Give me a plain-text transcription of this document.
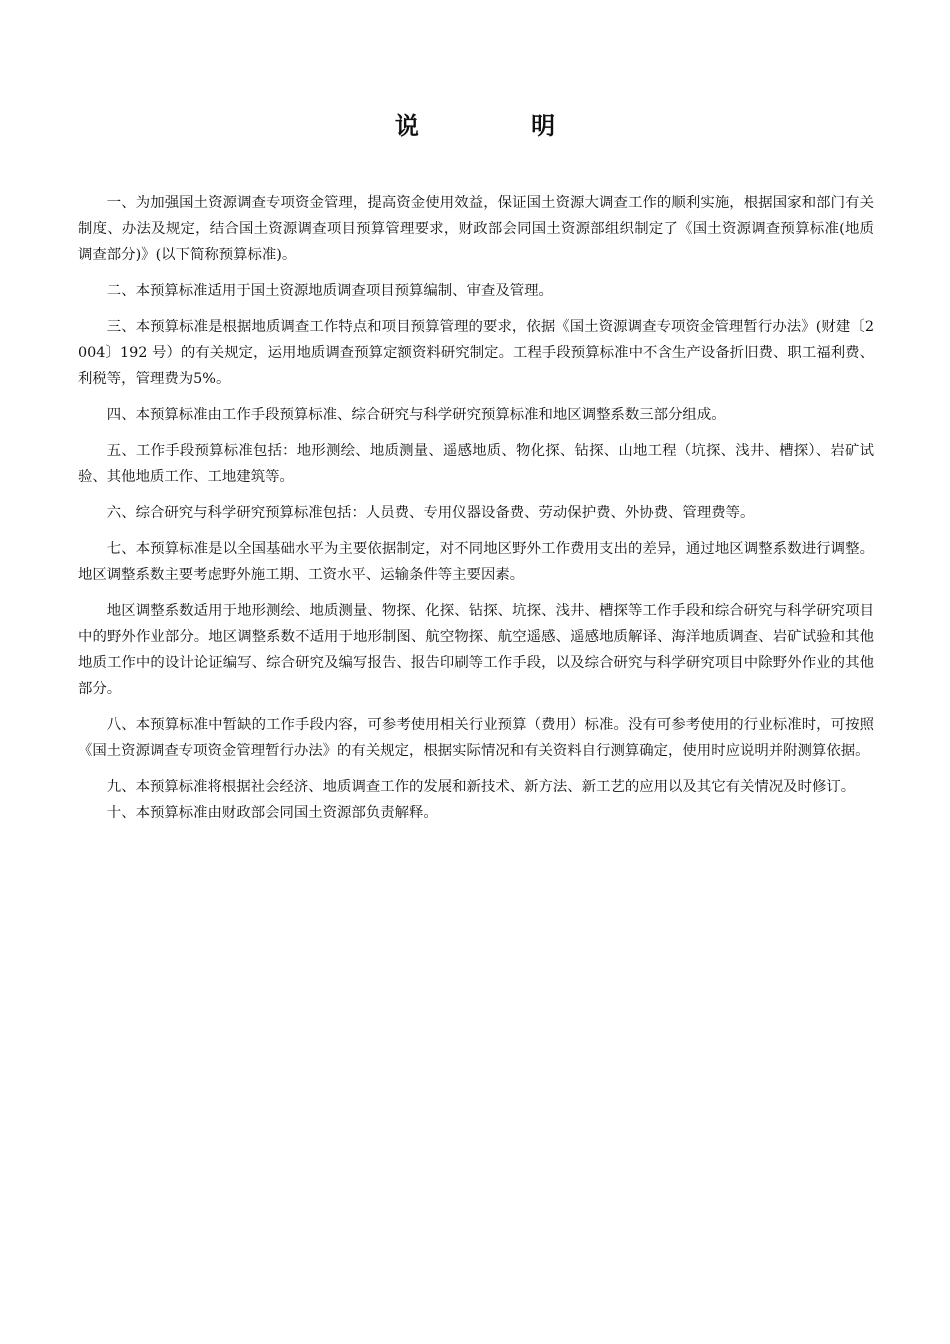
说 明

一、为加强国土资源调查专项资金管理，提高资金使用效益，保证国土资源大调查工作的顺利实施，根据国家和部门有关制度、办法及规定，结合国土资源调查项目预算管理要求，财政部会同国土资源部组织制定了《国土资源调查预算标准(地质调查部分)》(以下简称预算标准)。

二、本预算标准适用于国土资源地质调查项目预算编制、审查及管理。

三、本预算标准是根据地质调查工作特点和项目预算管理的要求，依据《国土资源调查专项资金管理暂行办法》(财建〔2004〕192 号）的有关规定，运用地质调查预算定额资料研究制定。工程手段预算标准中不含生产设备折旧费、职工福利费、利税等，管理费为5%。

四、本预算标准由工作手段预算标准、综合研究与科学研究预算标准和地区调整系数三部分组成。

五、工作手段预算标准包括：地形测绘、地质测量、遥感地质、物化探、钻探、山地工程（坑探、浅井、槽探）、岩矿试验、其他地质工作、工地建筑等。

六、综合研究与科学研究预算标准包括：人员费、专用仪器设备费、劳动保护费、外协费、管理费等。

七、本预算标准是以全国基础水平为主要依据制定，对不同地区野外工作费用支出的差异，通过地区调整系数进行调整。地区调整系数主要考虑野外施工期、工资水平、运输条件等主要因素。

地区调整系数适用于地形测绘、地质测量、物探、化探、钻探、坑探、浅井、槽探等工作手段和综合研究与科学研究项目中的野外作业部分。地区调整系数不适用于地形制图、航空物探、航空遥感、遥感地质解译、海洋地质调查、岩矿试验和其他地质工作中的设计论证编写、综合研究及编写报告、报告印刷等工作手段，以及综合研究与科学研究项目中除野外作业的其他部分。

八、本预算标准中暂缺的工作手段内容，可参考使用相关行业预算（费用）标准。没有可参考使用的行业标准时，可按照《国土资源调查专项资金管理暂行办法》的有关规定，根据实际情况和有关资料自行测算确定，使用时应说明并附测算依据。

九、本预算标准将根据社会经济、地质调查工作的发展和新技术、新方法、新工艺的应用以及其它有关情况及时修订。

十、本预算标准由财政部会同国土资源部负责解释。
